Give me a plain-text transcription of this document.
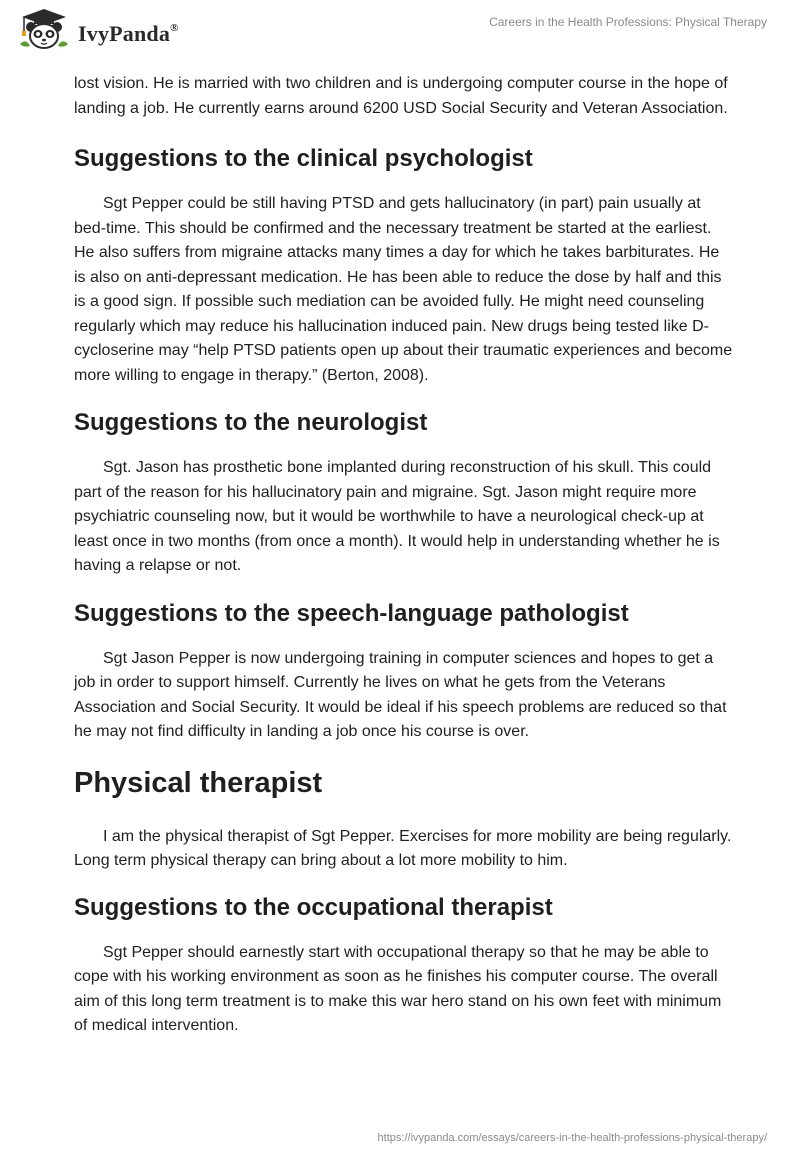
IvyPanda®	Careers in the Health Professions: Physical Therapy

lost vision. He is married with two children and is undergoing computer course in the hope of landing a job. He currently earns around 6200 USD Social Security and Veteran Association.

Suggestions to the clinical psychologist

Sgt Pepper could be still having PTSD and gets hallucinatory (in part) pain usually at bed-time. This should be confirmed and the necessary treatment be started at the earliest. He also suffers from migraine attacks many times a day for which he takes barbiturates. He is also on anti-depressant medication. He has been able to reduce the dose by half and this is a good sign. If possible such mediation can be avoided fully. He might need counseling regularly which may reduce his hallucination induced pain. New drugs being tested like D-cycloserine may “help PTSD patients open up about their traumatic experiences and become more willing to engage in therapy.” (Berton, 2008).

Suggestions to the neurologist

Sgt. Jason has prosthetic bone implanted during reconstruction of his skull. This could part of the reason for his hallucinatory pain and migraine. Sgt. Jason might require more psychiatric counseling now, but it would be worthwhile to have a neurological check-up at least once in two months (from once a month). It would help in understanding whether he is having a relapse or not.

Suggestions to the speech-language pathologist

Sgt Jason Pepper is now undergoing training in computer sciences and hopes to get a job in order to support himself. Currently he lives on what he gets from the Veterans Association and Social Security. It would be ideal if his speech problems are reduced so that he may not find difficulty in landing a job once his course is over.

Physical therapist

I am the physical therapist of Sgt Pepper. Exercises for more mobility are being regularly. Long term physical therapy can bring about a lot more mobility to him.

Suggestions to the occupational therapist

Sgt Pepper should earnestly start with occupational therapy so that he may be able to cope with his working environment as soon as he finishes his computer course. The overall aim of this long term treatment is to make this war hero stand on his own feet with minimum of medical intervention.

https://ivypanda.com/essays/careers-in-the-health-professions-physical-therapy/
